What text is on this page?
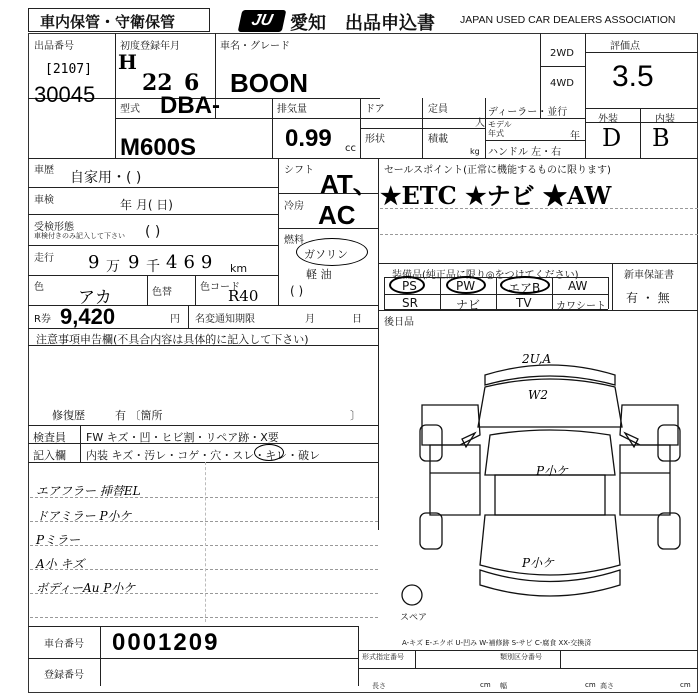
車内保管・守衛保管	JU 愛知 出品申込書 JAPAN USED CAR DEALERS ASSOCIATION
出品番号
[2107]
30045
初度登録年月
H
22 6
車名・グレード
BOON
2WD
4WD
評価点
3.5
外装	内装
D B
型式 DBA-
M600S
排気量
0.99 cc
ドア	定員
人
ディーラー・並行
モデル年式	年
形状	積載
kg ハンドル 左・右
車歴 自家用・( )
車検	年 月( 日)
受検形態
車検付きのみ記入して下さい ( )
走行 9 万 9 千 469 km
色
アカ	色替	色コード
R40
シフト AT、
冷房 AC
燃料
ガソリン
軽 油
( )
セールスポイント(正常に機能するものに限ります)
★ETC ★ナビ ★AW
装備品(純正品に限り◎をつけてください)	新車保証書
有 ・ 無
PS	PW	エアB AW
SR	ナビ	TV カワシート
R券 9,420	円 名変通知期限	月	日 後日品
注意事項申告欄(不具合内容は具体的に記入して下さい)
修復歴	有 〔箇所	〕
検査員
記入欄
FW キズ・凹・ヒビ割・リペア跡・X要
内装 キズ・汚レ・コゲ・穴・スレ・キレ・破レ
エアフラー 挿替EL
ドアミラー P小ケ
Pミラー
A小 キズ
ボディーAu P小ケ
2U,A
W2
P小ケ
P小ケ
スペア
A-キズ E-エクボ U-凹み W-補修跡 S-サビ C-腐食 XX-交換済
車台番号 0001209
登録番号
形式指定番号	類別区分番号
長さ	cm 幅	cm 高さ	cm
